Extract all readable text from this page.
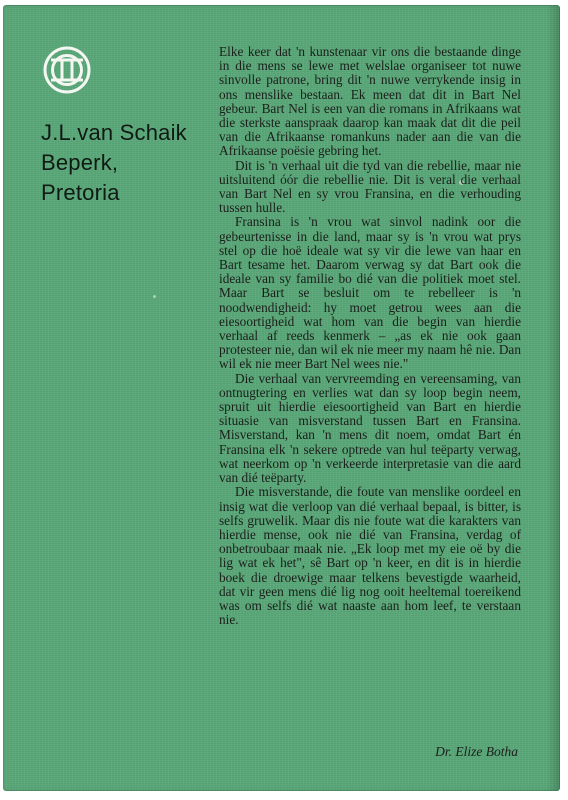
J.L.van Schaik
Beperk,
Pretoria

Elke keer dat 'n kunstenaar vir ons die bestaande dinge in die mens se lewe met welslae organiseer tot nuwe sinvolle patrone, bring dit 'n nuwe verrykende insig in ons menslike bestaan. Ek meen dat dit in Bart Nel gebeur. Bart Nel is een van die romans in Afrikaans wat die sterkste aanspraak daarop kan maak dat dit die peil van die Afrikaanse romankuns nader aan die van die Afrikaanse poësie gebring het.

Dit is 'n verhaal uit die tyd van die rebellie, maar nie uitsluitend óór die rebellie nie. Dit is veral die verhaal van Bart Nel en sy vrou Fransina, en die verhouding tussen hulle.

Fransina is 'n vrou wat sinvol nadink oor die gebeurtenisse in die land, maar sy is 'n vrou wat prys stel op die hoë ideale wat sy vir die lewe van haar en Bart tesame het. Daarom verwag sy dat Bart ook die ideale van sy familie bo dié van die politiek moet stel. Maar Bart se besluit om te rebelleer is 'n noodwendigheid: hy moet getrou wees aan die eiesoortigheid wat hom van die begin van hierdie verhaal af reeds kenmerk – „as ek nie ook gaan protesteer nie, dan wil ek nie meer my naam hê nie. Dan wil ek nie meer Bart Nel wees nie."

Die verhaal van vervreemding en vereensaming, van ontnugtering en verlies wat dan sy loop begin neem, spruit uit hierdie eiesoortigheid van Bart en hierdie situasie van misverstand tussen Bart en Fransina. Misverstand, kan 'n mens dit noem, omdat Bart én Fransina elk 'n sekere optrede van hul teëparty verwag, wat neerkom op 'n verkeerde interpretasie van die aard van dié teëparty.

Die misverstande, die foute van menslike oordeel en insig wat die verloop van dié verhaal bepaal, is bitter, is selfs gruwelik. Maar dis nie foute wat die karakters van hierdie mense, ook nie dié van Fransina, verdag of onbetroubaar maak nie. „Ek loop met my eie oë by die lig wat ek het", sê Bart op 'n keer, en dit is in hierdie boek die droewige maar telkens bevestigde waarheid, dat vir geen mens dié lig nog ooit heeltemal toereikend was om selfs dié wat naaste aan hom leef, te verstaan nie.

Dr. Elize Botha
